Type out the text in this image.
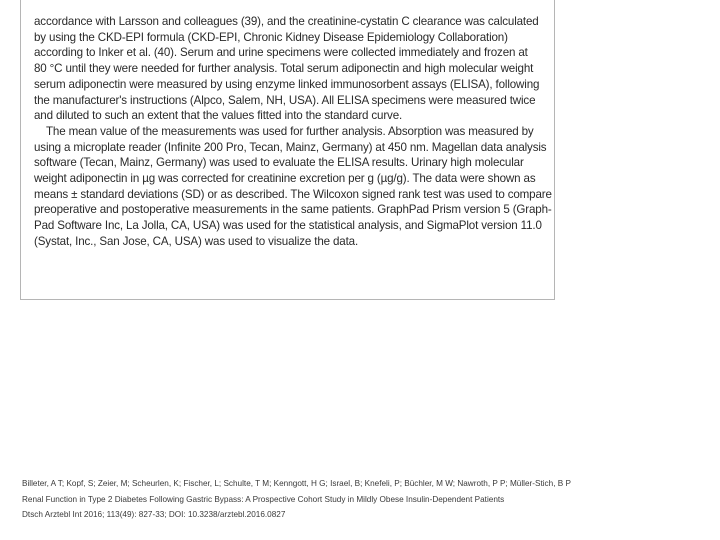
accordance with Larsson and colleagues (39), and the creatinine-cystatin C clearance was calculated
by using the CKD-EPI formula (CKD-EPI, Chronic Kidney Disease Epidemiology Collaboration)
according to Inker et al. (40). Serum and urine specimens were collected immediately and frozen at
80 °C until they were needed for further analysis. Total serum adiponectin and high molecular weight
serum adiponectin were measured by using enzyme linked immunosorbent assays (ELISA), following
the manufacturer's instructions (Alpco, Salem, NH, USA). All ELISA specimens were measured twice
and diluted to such an extent that the values fitted into the standard curve.
The mean value of the measurements was used for further analysis. Absorption was measured by
using a microplate reader (Infinite 200 Pro, Tecan, Mainz, Germany) at 450 nm. Magellan data analysis
software (Tecan, Mainz, Germany) was used to evaluate the ELISA results. Urinary high molecular
weight adiponectin in µg was corrected for creatinine excretion per g (µg/g). The data were shown as
means ± standard deviations (SD) or as described. The Wilcoxon signed rank test was used to compare
preoperative and postoperative measurements in the same patients. GraphPad Prism version 5 (Graph-
Pad Software Inc, La Jolla, CA, USA) was used for the statistical analysis, and SigmaPlot version 11.0
(Systat, Inc., San Jose, CA, USA) was used to visualize the data.
Billeter, A T; Kopf, S; Zeier, M; Scheurlen, K; Fischer, L; Schulte, T M; Kenngott, H G; Israel, B; Knefeli, P; Büchler, M W; Nawroth, P P; Müller-Stich, B P
Renal Function in Type 2 Diabetes Following Gastric Bypass: A Prospective Cohort Study in Mildly Obese Insulin-Dependent Patients
Dtsch Arztebl Int 2016; 113(49): 827-33; DOI: 10.3238/arztebl.2016.0827
